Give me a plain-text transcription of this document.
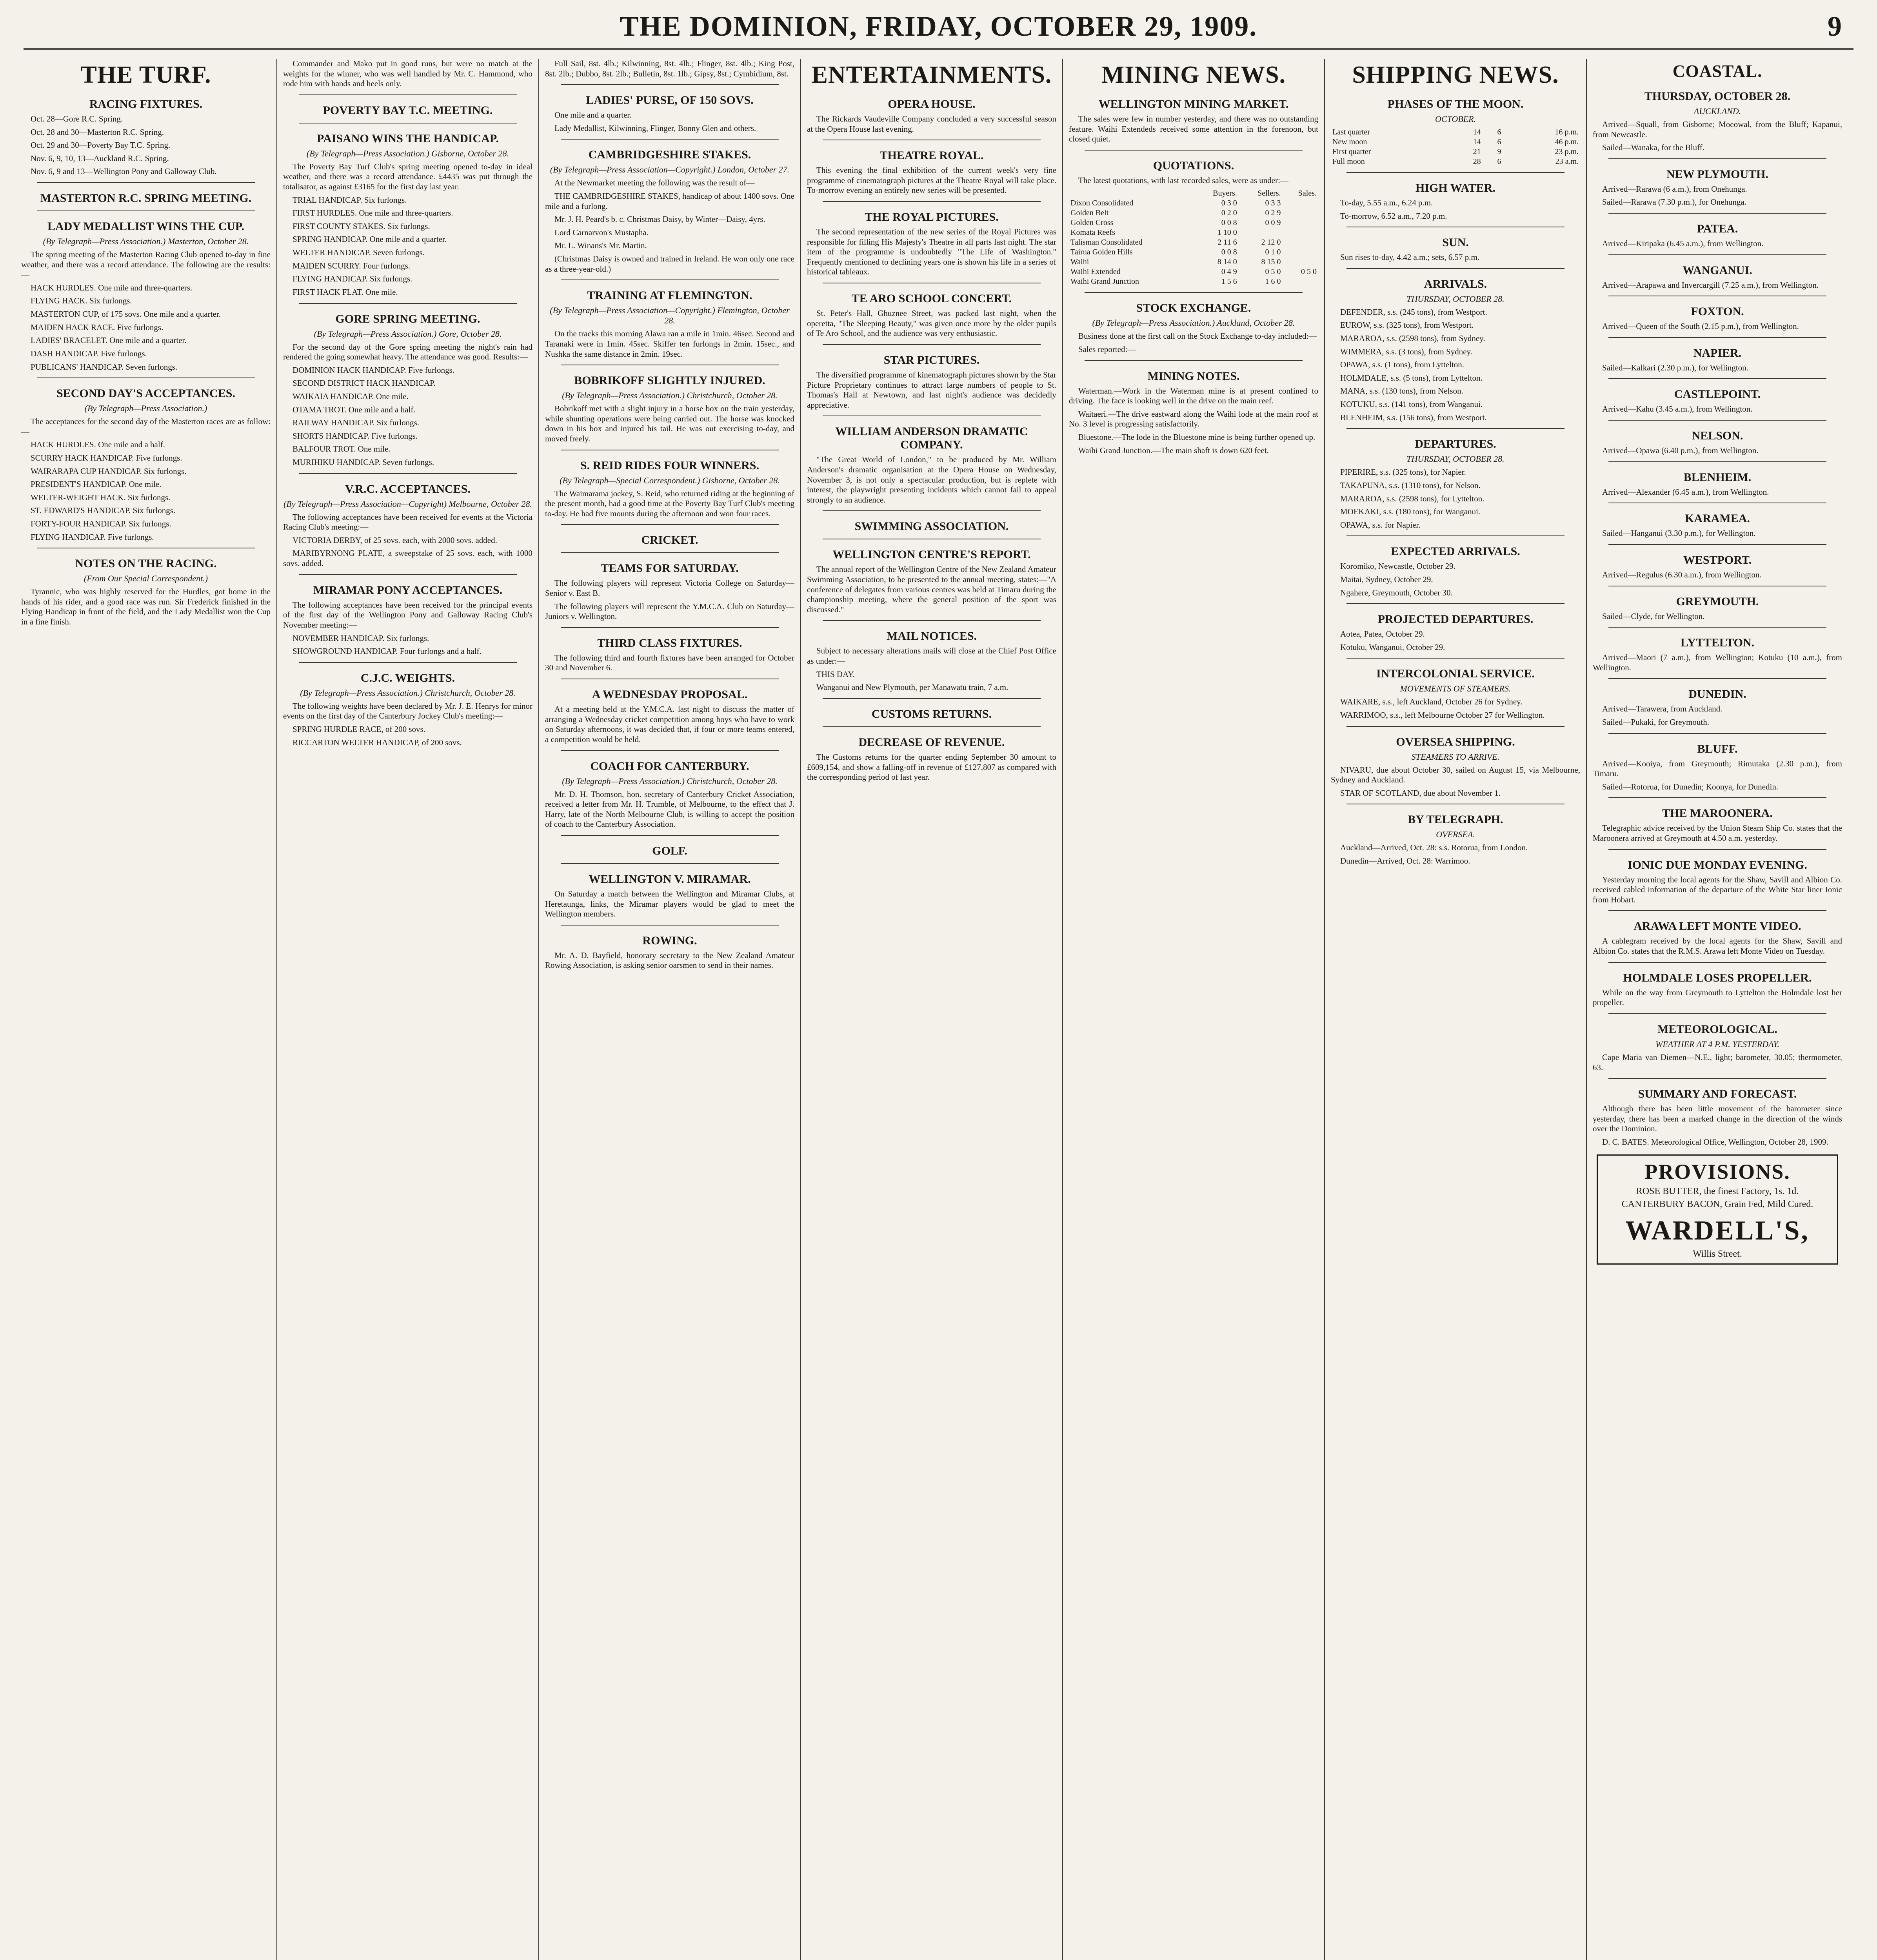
THE DOMINION, FRIDAY, OCTOBER 29, 1909.	9
THE TURF.
RACING FIXTURES.

Oct. 28—Gore R.C. Spring.

Oct. 28 and 30—Masterton R.C. Spring.

Oct. 29 and 30—Poverty Bay T.C. Spring.

Nov. 6, 9, 10, 13—Auckland R.C. Spring.

Nov. 6, 9 and 13—Wellington Pony and Galloway Club.

MASTERTON R.C. SPRING MEETING.
LADY MEDALLIST WINS THE CUP.
(By Telegraph—Press Association.) Masterton, October 28.

The spring meeting of the Masterton Racing Club opened to-day in fine weather, and there was a record attendance. The following are the results:—

HACK HURDLES. One mile and three-quarters.

FLYING HACK. Six furlongs.

MASTERTON CUP, of 175 sovs. One mile and a quarter.

MAIDEN HACK RACE. Five furlongs.

LADIES' BRACELET. One mile and a quarter.

DASH HANDICAP. Five furlongs.

PUBLICANS' HANDICAP. Seven furlongs.

SECOND DAY'S ACCEPTANCES.
(By Telegraph—Press Association.)

The acceptances for the second day of the Masterton races are as follow:—

HACK HURDLES. One mile and a half.

SCURRY HACK HANDICAP. Five furlongs.

WAIRARAPA CUP HANDICAP. Six furlongs.

PRESIDENT'S HANDICAP. One mile.

WELTER-WEIGHT HACK. Six furlongs.

ST. EDWARD'S HANDICAP. Six furlongs.

FORTY-FOUR HANDICAP. Six furlongs.

FLYING HANDICAP. Five furlongs.

NOTES ON THE RACING.
(From Our Special Correspondent.)

Tyrannic, who was highly reserved for the Hurdles, got home in the hands of his rider, and a good race was run. Sir Frederick finished in the Flying Handicap in front of the field, and the Lady Medallist won the Cup in a fine finish.

Commander and Mako put in good runs, but were no match at the weights for the winner, who was well handled by Mr. C. Hammond, who rode him with hands and heels only.

POVERTY BAY T.C. MEETING.
PAISANO WINS THE HANDICAP.
(By Telegraph—Press Association.) Gisborne, October 28.

The Poverty Bay Turf Club's spring meeting opened to-day in ideal weather, and there was a record attendance. £4435 was put through the totalisator, as against £3165 for the first day last year.

TRIAL HANDICAP. Six furlongs.

FIRST HURDLES. One mile and three-quarters.

FIRST COUNTY STAKES. Six furlongs.

SPRING HANDICAP. One mile and a quarter.

WELTER HANDICAP. Seven furlongs.

MAIDEN SCURRY. Four furlongs.

FLYING HANDICAP. Six furlongs.

FIRST HACK FLAT. One mile.

GORE SPRING MEETING.
(By Telegraph—Press Association.) Gore, October 28.

For the second day of the Gore spring meeting the night's rain had rendered the going somewhat heavy. The attendance was good. Results:—

DOMINION HACK HANDICAP. Five furlongs.

SECOND DISTRICT HACK HANDICAP.

WAIKAIA HANDICAP. One mile.

OTAMA TROT. One mile and a half.

RAILWAY HANDICAP. Six furlongs.

SHORTS HANDICAP. Five furlongs.

BALFOUR TROT. One mile.

MURIHIKU HANDICAP. Seven furlongs.

V.R.C. ACCEPTANCES.
(By Telegraph—Press Association—Copyright) Melbourne, October 28.

The following acceptances have been received for events at the Victoria Racing Club's meeting:—

VICTORIA DERBY, of 25 sovs. each, with 2000 sovs. added.

MARIBYRNONG PLATE, a sweepstake of 25 sovs. each, with 1000 sovs. added.

MIRAMAR PONY ACCEPTANCES.

The following acceptances have been received for the principal events of the first day of the Wellington Pony and Galloway Racing Club's November meeting:—

NOVEMBER HANDICAP. Six furlongs.

SHOWGROUND HANDICAP. Four furlongs and a half.

C.J.C. WEIGHTS.
(By Telegraph—Press Association.) Christchurch, October 28.

The following weights have been declared by Mr. J. E. Henrys for minor events on the first day of the Canterbury Jockey Club's meeting:—

SPRING HURDLE RACE, of 200 sovs.

RICCARTON WELTER HANDICAP, of 200 sovs.

Full Sail, 8st. 4lb.; Kilwinning, 8st. 4lb.; Flinger, 8st. 4lb.; King Post, 8st. 2lb.; Dubbo, 8st. 2lb.; Bulletin, 8st. 1lb.; Gipsy, 8st.; Cymbidium, 8st.

LADIES' PURSE, OF 150 SOVS.

One mile and a quarter.

Lady Medallist, Kilwinning, Flinger, Bonny Glen and others.

CAMBRIDGESHIRE STAKES.
(By Telegraph—Press Association—Copyright.) London, October 27.

At the Newmarket meeting the following was the result of—

THE CAMBRIDGESHIRE STAKES, handicap of about 1400 sovs. One mile and a furlong.

Mr. J. H. Peard's b. c. Christmas Daisy, by Winter—Daisy, 4yrs.

Lord Carnarvon's Mustapha.

Mr. L. Winans's Mr. Martin.

(Christmas Daisy is owned and trained in Ireland. He won only one race as a three-year-old.)

TRAINING AT FLEMINGTON.
(By Telegraph—Press Association—Copyright.) Flemington, October 28.

On the tracks this morning Alawa ran a mile in 1min. 46sec. Second and Taranaki were in 1min. 45sec. Skiffer ten furlongs in 2min. 15sec., and Nushka the same distance in 2min. 19sec.

BOBRIKOFF SLIGHTLY INJURED.
(By Telegraph—Press Association.) Christchurch, October 28.

Bobrikoff met with a slight injury in a horse box on the train yesterday, while shunting operations were being carried out. The horse was knocked down in his box and injured his tail. He was out exercising to-day, and moved freely.

S. REID RIDES FOUR WINNERS.
(By Telegraph—Special Correspondent.) Gisborne, October 28.

The Waimarama jockey, S. Reid, who returned riding at the beginning of the present month, had a good time at the Poverty Bay Turf Club's meeting to-day. He had five mounts during the afternoon and won four races.

CRICKET.
TEAMS FOR SATURDAY.

The following players will represent Victoria College on Saturday—Senior v. East B.

The following players will represent the Y.M.C.A. Club on Saturday—Juniors v. Wellington.

THIRD CLASS FIXTURES.

The following third and fourth fixtures have been arranged for October 30 and November 6.

A WEDNESDAY PROPOSAL.

At a meeting held at the Y.M.C.A. last night to discuss the matter of arranging a Wednesday cricket competition among boys who have to work on Saturday afternoons, it was decided that, if four or more teams entered, a competition would be held.

COACH FOR CANTERBURY.
(By Telegraph—Press Association.) Christchurch, October 28.

Mr. D. H. Thomson, hon. secretary of Canterbury Cricket Association, received a letter from Mr. H. Trumble, of Melbourne, to the effect that J. Harry, late of the North Melbourne Club, is willing to accept the position of coach to the Canterbury Association.

GOLF.
WELLINGTON V. MIRAMAR.

On Saturday a match between the Wellington and Miramar Clubs, at Heretaunga, links, the Miramar players would be glad to meet the Wellington members.

ROWING.

Mr. A. D. Bayfield, honorary secretary to the New Zealand Amateur Rowing Association, is asking senior oarsmen to send in their names.

ENTERTAINMENTS.
OPERA HOUSE.

The Rickards Vaudeville Company concluded a very successful season at the Opera House last evening.

THEATRE ROYAL.

This evening the final exhibition of the current week's very fine programme of cinematograph pictures at the Theatre Royal will take place. To-morrow evening an entirely new series will be presented.

THE ROYAL PICTURES.

The second representation of the new series of the Royal Pictures was responsible for filling His Majesty's Theatre in all parts last night. The star item of the programme is undoubtedly "The Life of Washington." Frequently mentioned to declining years one is shown his life in a series of historical tableaux.

TE ARO SCHOOL CONCERT.

St. Peter's Hall, Ghuznee Street, was packed last night, when the operetta, "The Sleeping Beauty," was given once more by the older pupils of Te Aro School, and the audience was very enthusiastic.

STAR PICTURES.

The diversified programme of kinematograph pictures shown by the Star Picture Proprietary continues to attract large numbers of people to St. Thomas's Hall at Newtown, and last night's audience was decidedly appreciative.

WILLIAM ANDERSON DRAMATIC COMPANY.

"The Great World of London," to be produced by Mr. William Anderson's dramatic organisation at the Opera House on Wednesday, November 3, is not only a spectacular production, but is replete with interest, the playwright presenting incidents which cannot fail to appeal strongly to an audience.

SWIMMING ASSOCIATION.
WELLINGTON CENTRE'S REPORT.

The annual report of the Wellington Centre of the New Zealand Amateur Swimming Association, to be presented to the annual meeting, states:—"A conference of delegates from various centres was held at Timaru during the championship meeting, where the general position of the sport was discussed."

MAIL NOTICES.

Subject to necessary alterations mails will close at the Chief Post Office as under:—

THIS DAY.

Wanganui and New Plymouth, per Manawatu train, 7 a.m.

CUSTOMS RETURNS.
DECREASE OF REVENUE.

The Customs returns for the quarter ending September 30 amount to £609,154, and show a falling-off in revenue of £127,807 as compared with the corresponding period of last year.

MINING NEWS.
WELLINGTON MINING MARKET.

The sales were few in number yesterday, and there was no outstanding feature. Waihi Extendeds received some attention in the forenoon, but closed quiet.

QUOTATIONS.

The latest quotations, with last recorded sales, were as under:—

	Buyers.	Sellers.	Sales.
Dixon Consolidated	0 3 0	0 3 3	
Golden Belt	0 2 0	0 2 9	
Golden Cross	0 0 8	0 0 9	
Komata Reefs	1 10 0		
Talisman Consolidated	2 11 6	2 12 0	
Tairua Golden Hills	0 0 8	0 1 0	
Waihi	8 14 0	8 15 0	
Waihi Extended	0 4 9	0 5 0	0 5 0
Waihi Grand Junction	1 5 6	1 6 0	
STOCK EXCHANGE.
(By Telegraph—Press Association.) Auckland, October 28.

Business done at the first call on the Stock Exchange to-day included:—

Sales reported:—

MINING NOTES.

Waterman.—Work in the Waterman mine is at present confined to driving. The face is looking well in the drive on the main reef.

Waitaeri.—The drive eastward along the Waihi lode at the main roof at No. 3 level is progressing satisfactorily.

Bluestone.—The lode in the Bluestone mine is being further opened up.

Waihi Grand Junction.—The main shaft is down 620 feet.

SHIPPING NEWS.
PHASES OF THE MOON.
OCTOBER.
Last quarter	14	6	16 p.m.
New moon	14	6	46 p.m.
First quarter	21	9	23 p.m.
Full moon	28	6	23 a.m.
HIGH WATER.

To-day, 5.55 a.m., 6.24 p.m.

To-morrow, 6.52 a.m., 7.20 p.m.

SUN.

Sun rises to-day, 4.42 a.m.; sets, 6.57 p.m.

ARRIVALS.
THURSDAY, OCTOBER 28.

DEFENDER, s.s. (245 tons), from Westport.

EUROW, s.s. (325 tons), from Westport.

MARAROA, s.s. (2598 tons), from Sydney.

WIMMERA, s.s. (3 tons), from Sydney.

OPAWA, s.s. (1 tons), from Lyttelton.

HOLMDALE, s.s. (5 tons), from Lyttelton.

MANA, s.s. (130 tons), from Nelson.

KOTUKU, s.s. (141 tons), from Wanganui.

BLENHEIM, s.s. (156 tons), from Westport.

DEPARTURES.
THURSDAY, OCTOBER 28.

PIPERIRE, s.s. (325 tons), for Napier.

TAKAPUNA, s.s. (1310 tons), for Nelson.

MARAROA, s.s. (2598 tons), for Lyttelton.

MOEKAKI, s.s. (180 tons), for Wanganui.

OPAWA, s.s. for Napier.

EXPECTED ARRIVALS.

Koromiko, Newcastle, October 29.

Maitai, Sydney, October 29.

Ngahere, Greymouth, October 30.

PROJECTED DEPARTURES.

Aotea, Patea, October 29.

Kotuku, Wanganui, October 29.

INTERCOLONIAL SERVICE.
MOVEMENTS OF STEAMERS.

WAIKARE, s.s., left Auckland, October 26 for Sydney.

WARRIMOO, s.s., left Melbourne October 27 for Wellington.

OVERSEA SHIPPING.
STEAMERS TO ARRIVE.

NIVARU, due about October 30, sailed on August 15, via Melbourne, Sydney and Auckland.

STAR OF SCOTLAND, due about November 1.

BY TELEGRAPH.
OVERSEA.

Auckland—Arrived, Oct. 28: s.s. Rotorua, from London.

Dunedin—Arrived, Oct. 28: Warrimoo.

COASTAL.
THURSDAY, OCTOBER 28.
AUCKLAND.

Arrived—Squall, from Gisborne; Moeowal, from the Bluff; Kapanui, from Newcastle.

Sailed—Wanaka, for the Bluff.

NEW PLYMOUTH.

Arrived—Rarawa (6 a.m.), from Onehunga.

Sailed—Rarawa (7.30 p.m.), for Onehunga.

PATEA.

Arrived—Kiripaka (6.45 a.m.), from Wellington.

WANGANUI.

Arrived—Arapawa and Invercargill (7.25 a.m.), from Wellington.

FOXTON.

Arrived—Queen of the South (2.15 p.m.), from Wellington.

NAPIER.

Sailed—Kalkari (2.30 p.m.), for Wellington.

CASTLEPOINT.

Arrived—Kahu (3.45 a.m.), from Wellington.

NELSON.

Arrived—Opawa (6.40 p.m.), from Wellington.

BLENHEIM.

Arrived—Alexander (6.45 a.m.), from Wellington.

KARAMEA.

Sailed—Hanganui (3.30 p.m.), for Wellington.

WESTPORT.

Arrived—Regulus (6.30 a.m.), from Wellington.

GREYMOUTH.

Sailed—Clyde, for Wellington.

LYTTELTON.

Arrived—Maori (7 a.m.), from Wellington; Kotuku (10 a.m.), from Wellington.

DUNEDIN.

Arrived—Tarawera, from Auckland.

Sailed—Pukaki, for Greymouth.

BLUFF.

Arrived—Kooiya, from Greymouth; Rimutaka (2.30 p.m.), from Timaru.

Sailed—Rotorua, for Dunedin; Koonya, for Dunedin.

THE MAROONERA.

Telegraphic advice received by the Union Steam Ship Co. states that the Maroonera arrived at Greymouth at 4.50 a.m. yesterday.

IONIC DUE MONDAY EVENING.

Yesterday morning the local agents for the Shaw, Savill and Albion Co. received cabled information of the departure of the White Star liner Ionic from Hobart.

ARAWA LEFT MONTE VIDEO.

A cablegram received by the local agents for the Shaw, Savill and Albion Co. states that the R.M.S. Arawa left Monte Video on Tuesday.

HOLMDALE LOSES PROPELLER.

While on the way from Greymouth to Lyttelton the Holmdale lost her propeller.

METEOROLOGICAL.
WEATHER AT 4 P.M. YESTERDAY.

Cape Maria van Diemen—N.E., light; barometer, 30.05; thermometer, 63.

SUMMARY AND FORECAST.

Although there has been little movement of the barometer since yesterday, there has been a marked change in the direction of the winds over the Dominion.

D. C. BATES. Meteorological Office, Wellington, October 28, 1909.

PROVISIONS.
ROSE BUTTER, the finest Factory, 1s. 1d.
CANTERBURY BACON, Grain Fed, Mild Cured.
WARDELL'S,
Willis Street.
